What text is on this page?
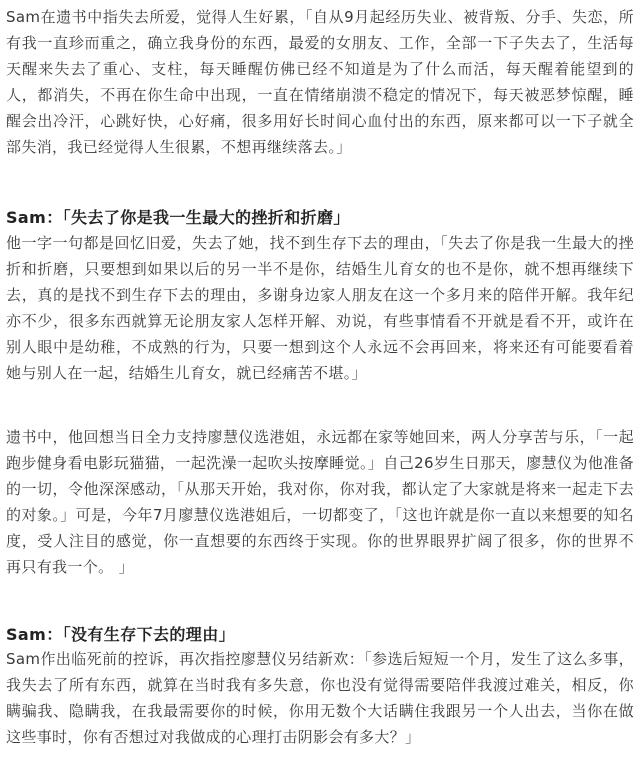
Sam在遗书中指失去所爱，觉得人生好累，「自从9月起经历失业、被背叛、分手、失恋，所有我一直珍而重之，确立我身份的东西，最爱的女朋友、工作，全部一下子失去了，生活每天醒来失去了重心、支柱，每天睡醒仿佛已经不知道是为了什么而活，每天醒着能望到的人，都消失，不再在你生命中出现，一直在情绪崩溃不稳定的情况下，每天被恶梦惊醒，睡醒会出冷汗，心跳好快，心好痛，很多用好长时间心血付出的东西，原来都可以一下子就全部失消，我已经觉得人生很累，不想再继续落去。」

Sam：「失去了你是我一生最大的挫折和折磨」

他一字一句都是回忆旧爱，失去了她，找不到生存下去的理由，「失去了你是我一生最大的挫折和折磨，只要想到如果以后的另一半不是你，结婚生儿育女的也不是你，就不想再继续下去，真的是找不到生存下去的理由，多谢身边家人朋友在这一个多月来的陪伴开解。我年纪亦不少，很多东西就算无论朋友家人怎样开解、劝说，有些事情看不开就是看不开，或许在别人眼中是幼稚，不成熟的行为，只要一想到这个人永远不会再回来，将来还有可能要看着她与别人在一起，结婚生儿育女，就已经痛苦不堪。」

遗书中，他回想当日全力支持廖慧仪选港姐，永远都在家等她回来，两人分享苦与乐，「一起跑步健身看电影玩猫猫，一起洗澡一起吹头按摩睡觉。」自己26岁生日那天，廖慧仪为他准备的一切，令他深深感动，「从那天开始，我对你，你对我，都认定了大家就是将来一起走下去的对象。」可是，今年7月廖慧仪选港姐后，一切都变了，「这也许就是你一直以来想要的知名度，受人注目的感觉，你一直想要的东西终于实现。你的世界眼界扩阔了很多，你的世界不再只有我一个。 」

Sam：「没有生存下去的理由」

Sam作出临死前的控诉，再次指控廖慧仪另结新欢：「参选后短短一个月，发生了这么多事，我失去了所有东西，就算在当时我有多失意，你也没有觉得需要陪伴我渡过难关，相反，你瞒骗我、隐瞒我，在我最需要你的时候，你用无数个大话瞒住我跟另一个人出去，当你在做这些事时，你有否想过对我做成的心理打击阴影会有多大？」
